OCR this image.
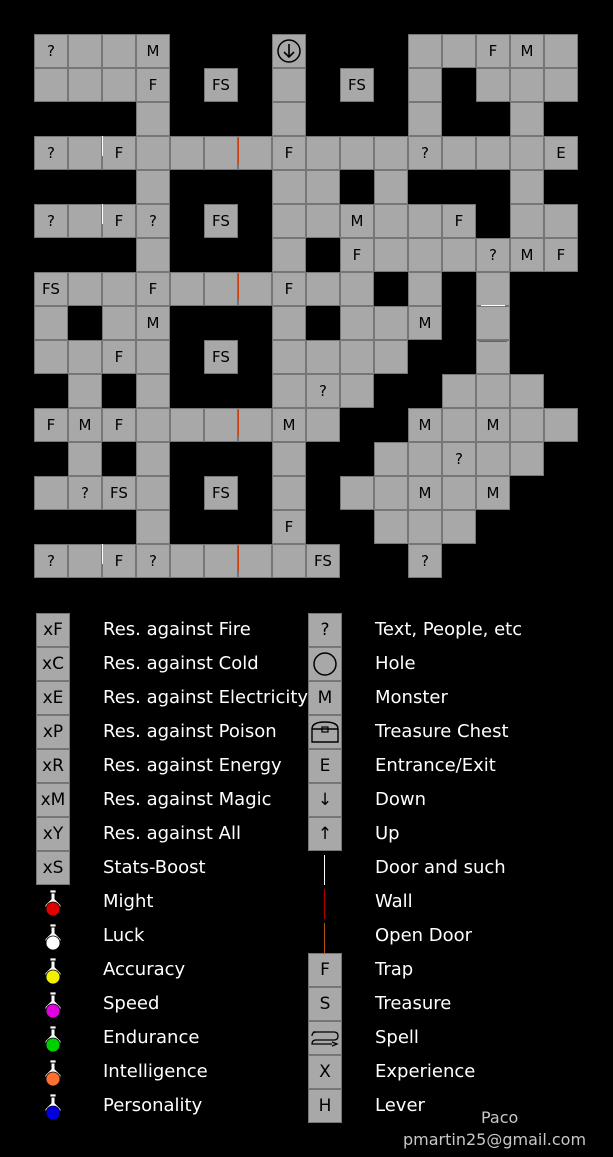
?	M	F	M
F	FS	FS
?	F	F	?	E
?	F	?	FS	M	F
F	?	M	F
FS	F	F
M	M
F	FS
?
F	M	F	M	M	M
?
?	FS	FS	M	M
F
?	F	?	FS	?
xF	Res. against Fire
xC	Res. against Cold
xE	Res. against Electricity
xP	Res. against Poison
xR	Res. against Energy
xM Res. against Magic
xY	Res. against All
xS	Stats-Boost
Might
Luck
Accuracy
Speed
Endurance
Intelligence
Personality
?	Text, People, etc
Hole
M	Monster
Treasure Chest
E	Entrance/Exit
↓	Down
↑	Up
Door and such
Wall
Open Door
F	Trap
S	Treasure
Spell
X	Experience
H	Lever
Paco
pmartin25@gmail.com
